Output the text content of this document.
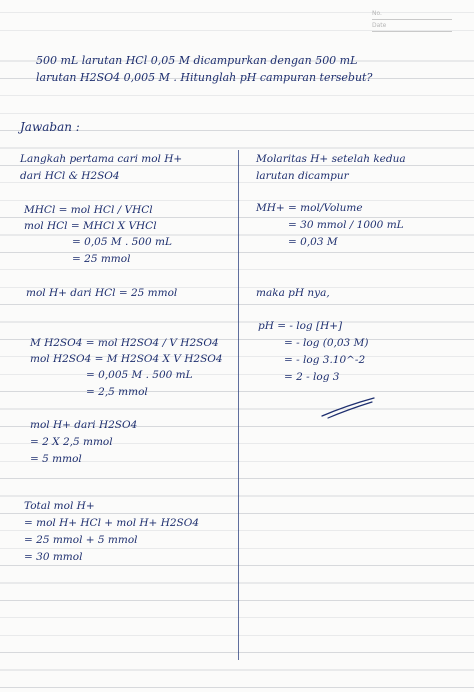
No.
Date
500 mL larutan HCl 0,05 M dicampurkan dengan 500 mL
larutan H2SO4 0,005 M . Hitunglah pH campuran tersebut?
Jawaban :
Langkah pertama cari mol H+
dari HCl & H2SO4
MHCl = mol HCl / VHCl
mol HCl = MHCl X VHCl
= 0,05 M . 500 mL
= 25 mmol
mol H+ dari HCl = 25 mmol
M H2SO4 = mol H2SO4 / V H2SO4
mol H2SO4 = M H2SO4 X V H2SO4
= 0,005 M . 500 mL
= 2,5 mmol
mol H+ dari H2SO4
= 2 X 2,5 mmol
= 5 mmol
Total mol H+
= mol H+ HCl + mol H+ H2SO4
= 25 mmol + 5 mmol
= 30 mmol
Molaritas H+ setelah kedua
larutan dicampur
MH+ = mol/Volume
= 30 mmol / 1000 mL
= 0,03 M
maka pH nya,
pH = - log [H+]
= - log (0,03 M)
= - log 3.10^-2
= 2 - log 3
